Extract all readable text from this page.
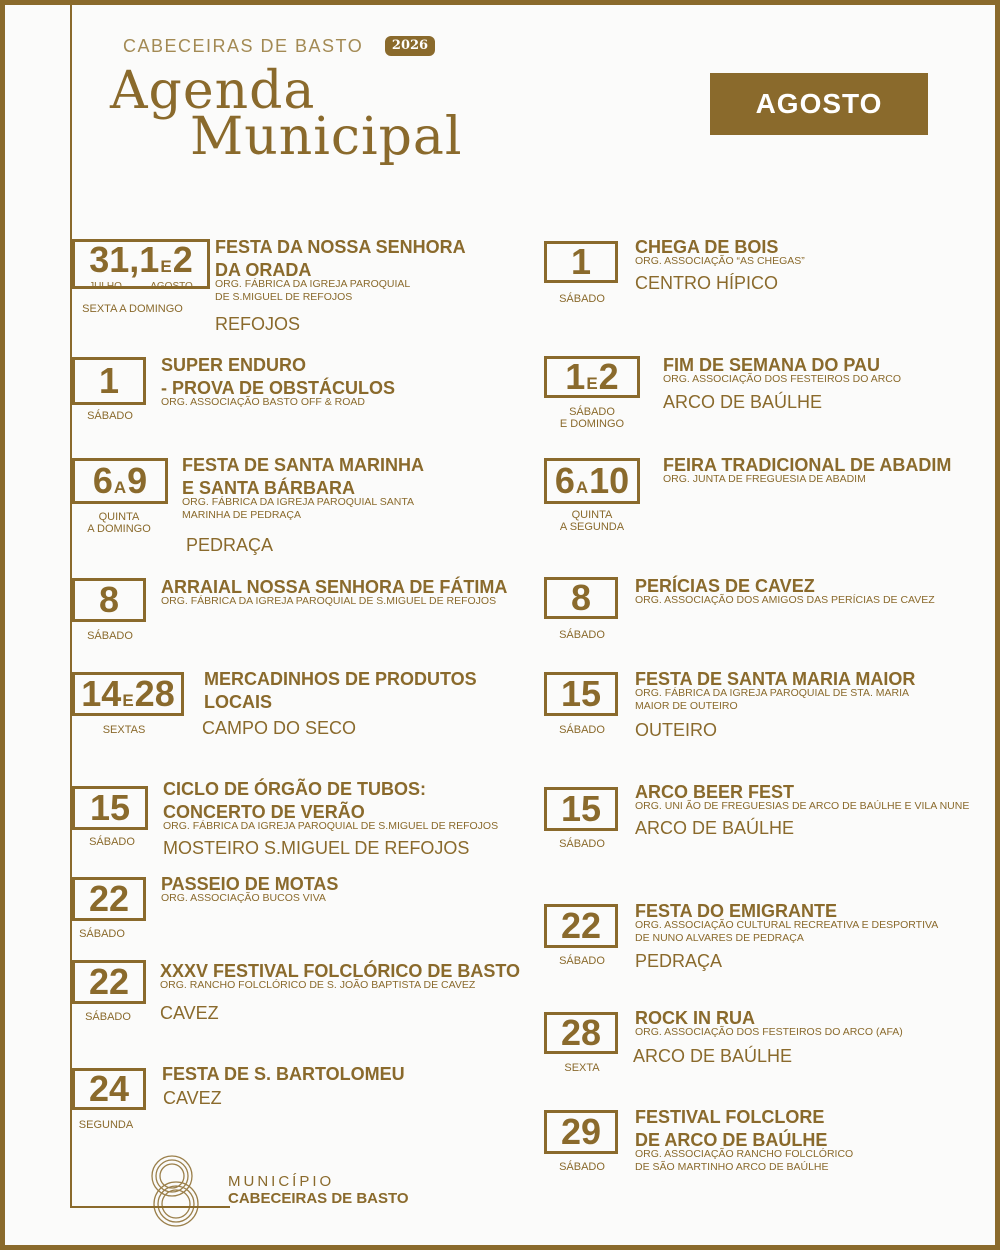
CABECEIRAS DE BASTO	2026
Agenda
Municipal
AGOSTO
31,1E2
JULHO	AGOSTO
SEXTA A DOMINGO
FESTA DA NOSSA SENHORA
DA ORADA
ORG. FÁBRICA DA IGREJA PAROQUIAL
DE S.MIGUEL DE REFOJOS
REFOJOS
1
SÁBADO
SUPER ENDURO
- PROVA DE OBSTÁCULOS
ORG. ASSOCIAÇÃO BASTO OFF & ROAD
6A9
QUINTA
A DOMINGO
FESTA DE SANTA MARINHA
E SANTA BÁRBARA
ORG. FÁBRICA DA IGREJA PAROQUIAL SANTA
MARINHA DE PEDRAÇA
PEDRAÇA
8
SÁBADO
ARRAIAL NOSSA SENHORA DE FÁTIMA
ORG. FÁBRICA DA IGREJA PAROQUIAL DE S.MIGUEL DE REFOJOS
14E28
SEXTAS
MERCADINHOS DE PRODUTOS
LOCAIS
CAMPO DO SECO
15
SÁBADO
CICLO DE ÓRGÃO DE TUBOS:
CONCERTO DE VERÃO
ORG. FÁBRICA DA IGREJA PAROQUIAL DE S.MIGUEL DE REFOJOS
MOSTEIRO S.MIGUEL DE REFOJOS
22
SÁBADO
PASSEIO DE MOTAS
ORG. ASSOCIAÇÃO BUCOS VIVA
22
SÁBADO
XXXV FESTIVAL FOLCLÓRICO DE BASTO
ORG. RANCHO FOLCLÓRICO DE S. JOÃO BAPTISTA DE CAVEZ
CAVEZ
24
SEGUNDA
FESTA DE S. BARTOLOMEU
CAVEZ
1
SÁBADO
CHEGA DE BOIS
ORG. ASSOCIAÇÃO “AS CHEGAS”
CENTRO HÍPICO
1E2
SÁBADO
E DOMINGO
FIM DE SEMANA DO PAU
ORG. ASSOCIAÇÃO DOS FESTEIROS DO ARCO
ARCO DE BAÚLHE
6A10
QUINTA
A SEGUNDA
FEIRA TRADICIONAL DE ABADIM
ORG. JUNTA DE FREGUESIA DE ABADIM
8
SÁBADO
PERÍCIAS DE CAVEZ
ORG. ASSOCIAÇÃO DOS AMIGOS DAS PERÍCIAS DE CAVEZ
15
SÁBADO
FESTA DE SANTA MARIA MAIOR
ORG. FÁBRICA DA IGREJA PAROQUIAL DE STA. MARIA
MAIOR DE OUTEIRO
OUTEIRO
15
SÁBADO
ARCO BEER FEST
ORG. UNI ÃO DE FREGUESIAS DE ARCO DE BAÚLHE E VILA NUNE
ARCO DE BAÚLHE
22
SÁBADO
FESTA DO EMIGRANTE
ORG. ASSOCIAÇÃO CULTURAL RECREATIVA E DESPORTIVA
DE NUNO ALVARES DE PEDRAÇA
PEDRAÇA
28
SEXTA
ROCK IN RUA
ORG. ASSOCIAÇÃO DOS FESTEIROS DO ARCO (AFA)
ARCO DE BAÚLHE
29
SÁBADO
FESTIVAL FOLCLORE
DE ARCO DE BAÚLHE
ORG. ASSOCIAÇÃO RANCHO FOLCLÓRICO
DE SÃO MARTINHO ARCO DE BAÚLHE
MUNICÍPIO
CABECEIRAS DE BASTO
